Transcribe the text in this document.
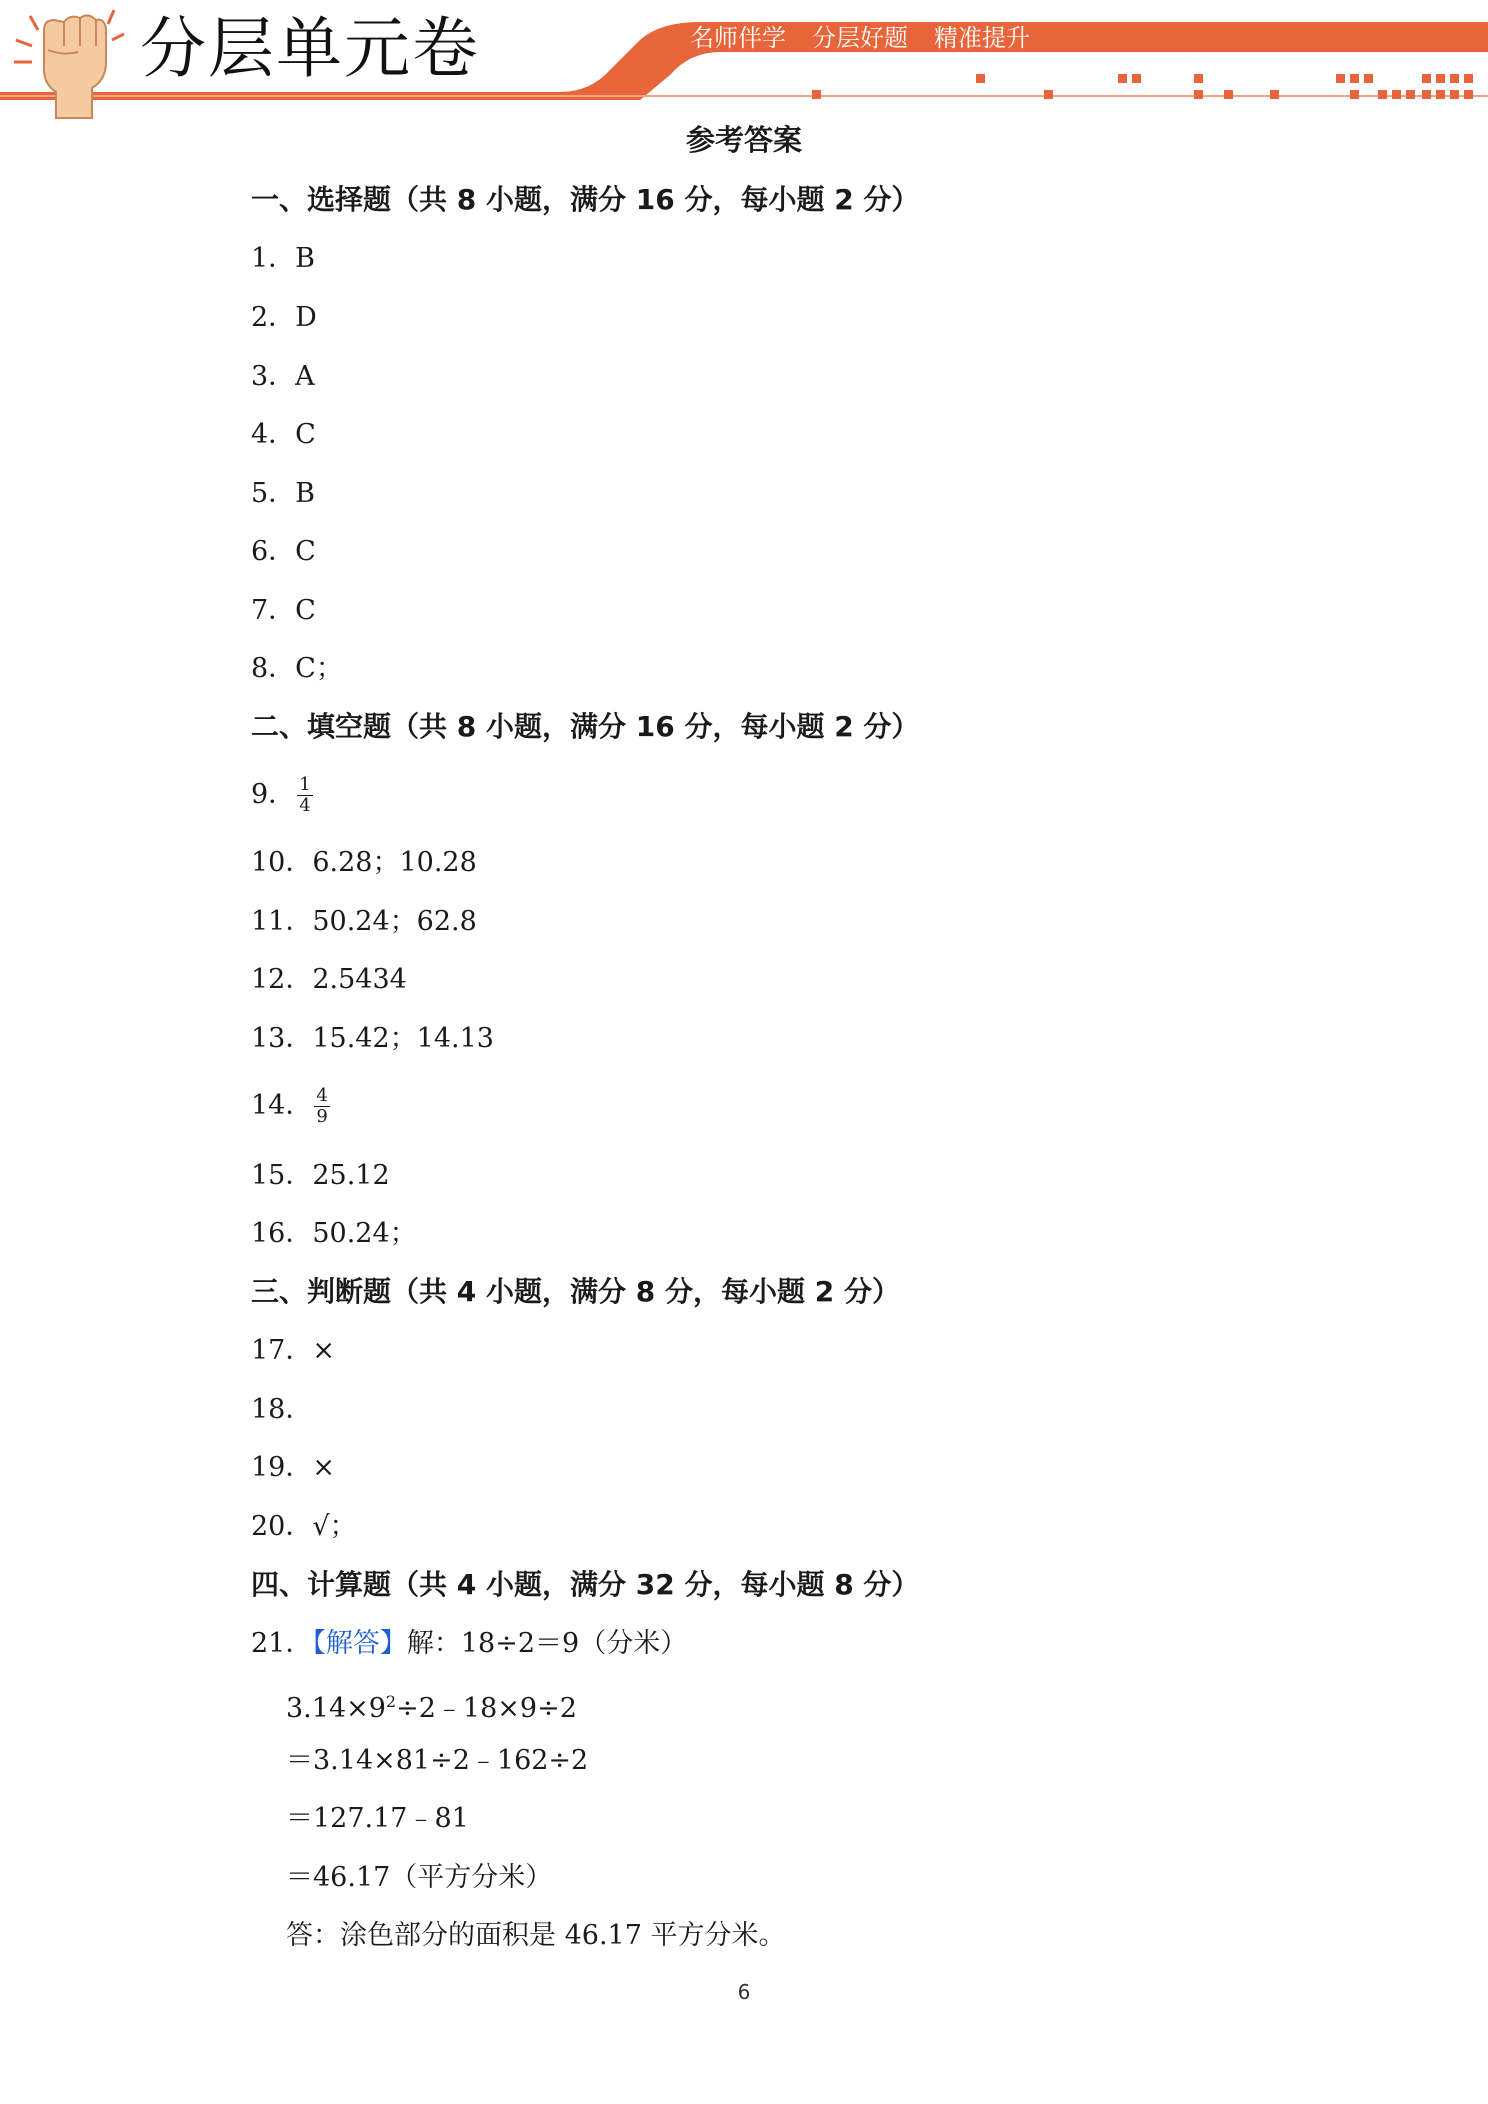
分层单元卷	名师伴学 分层好题 精准提升
参考答案
一、选择题（共 8 小题，满分 16 分，每小题 2 分）
1．B
2．D
3．A
4．C
5．B
6．C
7．C
8．C；
二、填空题（共 8 小题，满分 16 分，每小题 2 分）
9． $\frac{1}{4}$
10．6.28；10.28
11．50.24；62.8
12．2.5434
13．15.42；14.13
14． $\frac{4}{9}$
15．25.12
16．50.24；
三、判断题（共 4 小题，满分 8 分，每小题 2 分）
17．×
18．
19．×
20．√；
四、计算题（共 4 小题，满分 32 分，每小题 8 分）
21．【解答】解：18÷2＝9（分米）
$3.14\times 9^2\div 2﹣18\times 9\div 2$
＝3.14×81÷2﹣162÷2
＝127.17﹣81
＝46.17（平方分米）
答：涂色部分的面积是 46.17 平方分米。
6
